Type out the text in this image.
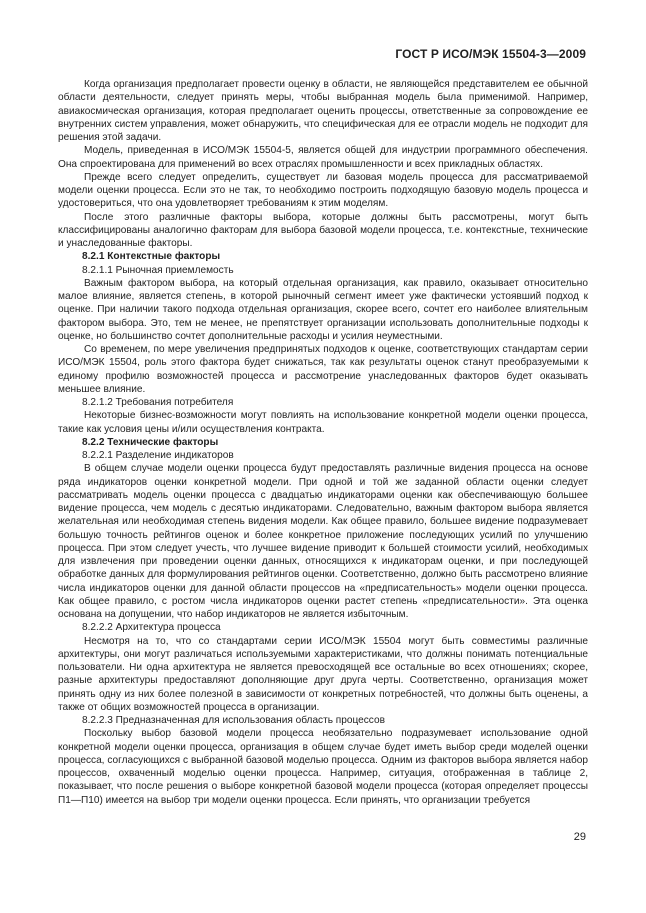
ГОСТ Р ИСО/МЭК 15504-3—2009

Когда организация предполагает провести оценку в области, не являющейся представителем ее обычной области деятельности, следует принять меры, чтобы выбранная модель была применимой. Например, авиакосмическая организация, которая предполагает оценить процессы, ответственные за сопровождение ее внутренних систем управления, может обнаружить, что специфическая для ее отрасли модель не подходит для решения этой задачи.

Модель, приведенная в ИСО/МЭК 15504-5, является общей для индустрии программного обеспечения. Она спроектирована для применений во всех отраслях промышленности и всех прикладных областях.

Прежде всего следует определить, существует ли базовая модель процесса для рассматриваемой модели оценки процесса. Если это не так, то необходимо построить подходящую базовую модель процесса и удостовериться, что она удовлетворяет требованиям к этим моделям.

После этого различные факторы выбора, которые должны быть рассмотрены, могут быть классифицированы аналогично факторам для выбора базовой модели процесса, т.е. контекстные, технические и унаследованные факторы.

8.2.1 Контекстные факторы

8.2.1.1 Рыночная приемлемость

Важным фактором выбора, на который отдельная организация, как правило, оказывает относительно малое влияние, является степень, в которой рыночный сегмент имеет уже фактически устоявший подход к оценке. При наличии такого подхода отдельная организация, скорее всего, сочтет его наиболее влиятельным фактором выбора. Это, тем не менее, не препятствует организации использовать дополнительные подходы к оценке, но большинство сочтет дополнительные расходы и усилия неуместными.

Со временем, по мере увеличения предпринятых подходов к оценке, соответствующих стандартам серии ИСО/МЭК 15504, роль этого фактора будет снижаться, так как результаты оценок станут преобразуемыми к единому профилю возможностей процесса и рассмотрение унаследованных факторов будет оказывать меньшее влияние.

8.2.1.2 Требования потребителя

Некоторые бизнес-возможности могут повлиять на использование конкретной модели оценки процесса, такие как условия цены и/или осуществления контракта.

8.2.2 Технические факторы

8.2.2.1 Разделение индикаторов

В общем случае модели оценки процесса будут предоставлять различные видения процесса на основе ряда индикаторов оценки конкретной модели. При одной и той же заданной области оценки следует рассматривать модель оценки процесса с двадцатью индикаторами оценки как обеспечивающую большее видение процесса, чем модель с десятью индикаторами. Следовательно, важным фактором выбора является желательная или необходимая степень видения модели. Как общее правило, большее видение подразумевает большую точность рейтингов оценок и более конкретное приложение последующих усилий по улучшению процесса. При этом следует учесть, что лучшее видение приводит к большей стоимости усилий, необходимых для извлечения при проведении оценки данных, относящихся к индикаторам оценки, и при последующей обработке данных для формулирования рейтингов оценки. Соответственно, должно быть рассмотрено влияние числа индикаторов оценки для данной области процессов на «предписательность» модели оценки процесса. Как общее правило, с ростом числа индикаторов оценки растет степень «предписательности». Эта оценка основана на допущении, что набор индикаторов не является избыточным.

8.2.2.2 Архитектура процесса

Несмотря на то, что со стандартами серии ИСО/МЭК 15504 могут быть совместимы различные архитектуры, они могут различаться используемыми характеристиками, что должны понимать потенциальные пользователи. Ни одна архитектура не является превосходящей все остальные во всех отношениях; скорее, разные архитектуры предоставляют дополняющие друг друга черты. Соответственно, организация может принять одну из них более полезной в зависимости от конкретных потребностей, что должны быть оценены, а также от общих возможностей процесса в организации.

8.2.2.3 Предназначенная для использования область процессов

Поскольку выбор базовой модели процесса необязательно подразумевает использование одной конкретной модели оценки процесса, организация в общем случае будет иметь выбор среди моделей оценки процесса, согласующихся с выбранной базовой моделью процесса. Одним из факторов выбора является набор процессов, охваченный моделью оценки процесса. Например, ситуация, отображенная в таблице 2, показывает, что после решения о выборе конкретной базовой модели процесса (которая определяет процессы П1—П10) имеется на выбор три модели оценки процесса. Если принять, что организации требуется

29
